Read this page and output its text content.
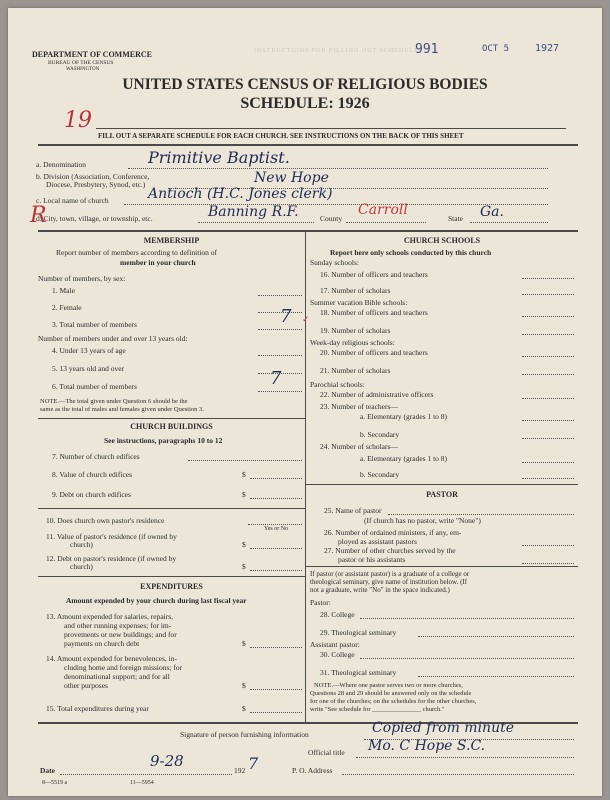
DEPARTMENT OF COMMERCE
BUREAU OF THE CENSUS
WASHINGTON
INSTRUCTIONS FOR FILLING OUT SCHEDULE
991	OCT 5	1927
UNITED STATES CENSUS OF RELIGIOUS BODIES
SCHEDULE: 1926
19
R
FILL OUT A SEPARATE SCHEDULE FOR EACH CHURCH. SEE INSTRUCTIONS ON THE BACK OF THIS SHEET
a. Denomination	Primitive Baptist.
b. Division (Association, Conference,
Diocese, Presbytery, Synod, etc.)	New Hope
c. Local name of church	Antioch (H.C. Jones clerk)
d. City, town, village, or township, etc.	Banning R.F.	County
Carroll
State Ga.
MEMBERSHIP
Report number of members according to definition of
member in your church
Number of members, by sex:
1. Male
2. Female
3. Total number of members	7 ✓
Number of members under and over 13 years old:
4. Under 13 years of age
5. 13 years old and over
6. Total number of members	7
NOTE.—The total given under Question 6 should be the
same as the total of males and females given under Question 3.
CHURCH BUILDINGS
See instructions, paragraphs 10 to 12
7. Number of church edifices
8. Value of church edifices	$
9. Debt on church edifices	$
10. Does church own pastor's residence
Yes or No
11. Value of pastor's residence (if owned by
church)	$
12. Debt on pastor's residence (if owned by
church)	$
EXPENDITURES
Amount expended by your church during last fiscal year
13. Amount expended for salaries, repairs,
and other running expenses; for im-
provements or new buildings; and for
payments on church debt	$
14. Amount expended for benevolences, in-
cluding home and foreign missions; for
denominational support; and for all
other purposes	$
15. Total expenditures during year	$
CHURCH SCHOOLS
Report here only schools conducted by this church
Sunday schools:
16. Number of officers and teachers
17. Number of scholars
Summer vacation Bible schools:
18. Number of officers and teachers
19. Number of scholars
Week-day religious schools:
20. Number of officers and teachers
21. Number of scholars
Parochial schools:
22. Number of administrative officers
23. Number of teachers—
a. Elementary (grades 1 to 8)
b. Secondary
24. Number of scholars—
a. Elementary (grades 1 to 8)
b. Secondary
PASTOR
25. Name of pastor
(If church has no pastor, write "None")
26. Number of ordained ministers, if any, em-
ployed as assistant pastors
27. Number of other churches served by the
pastor or his assistants
If pastor (or assistant pastor) is a graduate of a college or
theological seminary, give name of institution below. (If
not a graduate, write "No" in the space indicated.)
Pastor:
28. College
29. Theological seminary
Assistant pastor:
30. College
31. Theological seminary
NOTE.—Where one pastor serves two or more churches,
Questions 28 and 29 should be answered only on the schedule
for one of the churches; on the schedules for the other churches,
write "See schedule for _______________ church."
Signature of person furnishing information	Copied from minute
Official title Mo. C Hope S.C.
Date
9-28
192 7	P. O. Address
8—5519 a	11—5954
